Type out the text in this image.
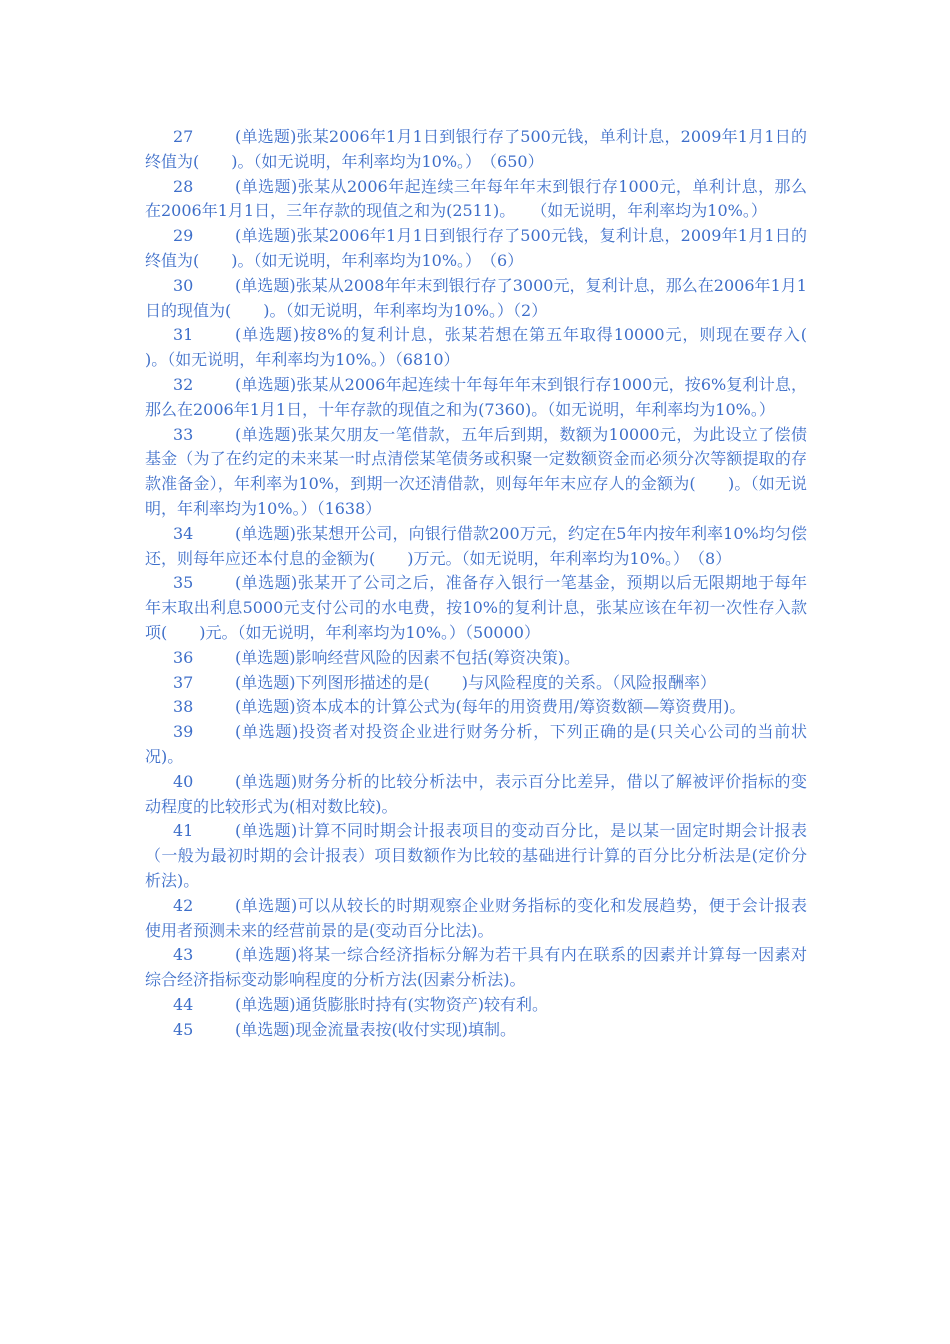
27	(单选题)张某2006年1月1日到银行存了500元钱，单利计息，2009年1月1日的终值为(　　)。（如无说明，年利率均为10%。）　（650）

28	(单选题)张某从2006年起连续三年每年年末到银行存1000元，单利计息，那么在2006年1月1日，三年存款的现值之和为(2511)。　　（如无说明，年利率均为10%。）

29	(单选题)张某2006年1月1日到银行存了500元钱，复利计息，2009年1月1日的终值为(　　)。（如无说明，年利率均为10%。）　（6）

30	(单选题)张某从2008年年末到银行存了3000元，复利计息，那么在2006年1月1日的现值为(　　)。（如无说明，年利率均为10%。）（2）

31	(单选题)按8%的复利计息，张某若想在第五年取得10000元，则现在要存入(　　)。（如无说明，年利率均为10%。）（6810）

32	(单选题)张某从2006年起连续十年每年年末到银行存1000元，按6%复利计息，那么在2006年1月1日，十年存款的现值之和为(7360)。（如无说明，年利率均为10%。）

33	(单选题)张某欠朋友一笔借款，五年后到期，数额为10000元，为此设立了偿债基金（为了在约定的未来某一时点清偿某笔债务或积聚一定数额资金而必须分次等额提取的存款准备金），年利率为10%，到期一次还清借款，则每年年末应存人的金额为(　　)。（如无说明，年利率均为10%。）（1638）

34	(单选题)张某想开公司，向银行借款200万元，约定在5年内按年利率10%均匀偿还，则每年应还本付息的金额为(　　)万元。（如无说明，年利率均为10%。）　（8）

35	(单选题)张某开了公司之后，准备存入银行一笔基金，预期以后无限期地于每年年末取出利息5000元支付公司的水电费，按10%的复利计息，张某应该在年初一次性存入款项(　　)元。（如无说明，年利率均为10%。）（50000）

36	(单选题)影响经营风险的因素不包括(筹资决策)。

37	(单选题)下列图形描述的是(　　)与风险程度的关系。（风险报酬率）

38	(单选题)资本成本的计算公式为(每年的用资费用/筹资数额—筹资费用)。

39	(单选题)投资者对投资企业进行财务分析，下列正确的是(只关心公司的当前状况)。

40	(单选题)财务分析的比较分析法中，表示百分比差异，借以了解被评价指标的变动程度的比较形式为(相对数比较)。

41	(单选题)计算不同时期会计报表项目的变动百分比，是以某一固定时期会计报表（一般为最初时期的会计报表）项目数额作为比较的基础进行计算的百分比分析法是(定价分析法)。

42	(单选题)可以从较长的时期观察企业财务指标的变化和发展趋势，便于会计报表使用者预测未来的经营前景的是(变动百分比法)。

43	(单选题)将某一综合经济指标分解为若干具有内在联系的因素并计算每一因素对综合经济指标变动影响程度的分析方法(因素分析法)。

44	(单选题)通货膨胀时持有(实物资产)较有利。

45	(单选题)现金流量表按(收付实现)填制。
